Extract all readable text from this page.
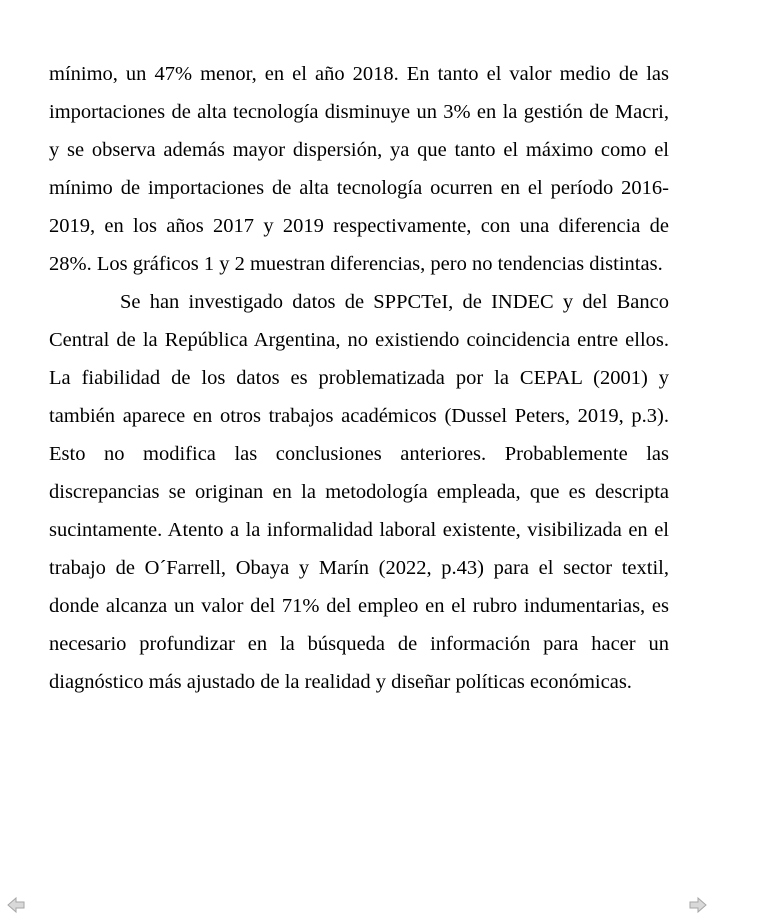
mínimo, un 47% menor, en el año 2018. En tanto el valor medio de las importaciones de alta tecnología disminuye un 3% en la gestión de Macri, y se observa además mayor dispersión, ya que tanto el máximo como el mínimo de importaciones de alta tecnología ocurren en el período 2016-2019, en los años 2017 y 2019 respectivamente, con una diferencia de 28%. Los gráficos 1 y 2 muestran diferencias, pero no tendencias distintas.

Se han investigado datos de SPPCTeI, de INDEC y del Banco Central de la República Argentina, no existiendo coincidencia entre ellos. La fiabilidad de los datos es problematizada por la CEPAL (2001) y también aparece en otros trabajos académicos (Dussel Peters, 2019, p.3). Esto no modifica las conclusiones anteriores. Probablemente las discrepancias se originan en la metodología empleada, que es descripta sucintamente. Atento a la informalidad laboral existente, visibilizada en el trabajo de O´Farrell, Obaya y Marín (2022, p.43) para el sector textil, donde alcanza un valor del 71% del empleo en el rubro indumentarias, es necesario profundizar en la búsqueda de información para hacer un diagnóstico más ajustado de la realidad y diseñar políticas económicas.
